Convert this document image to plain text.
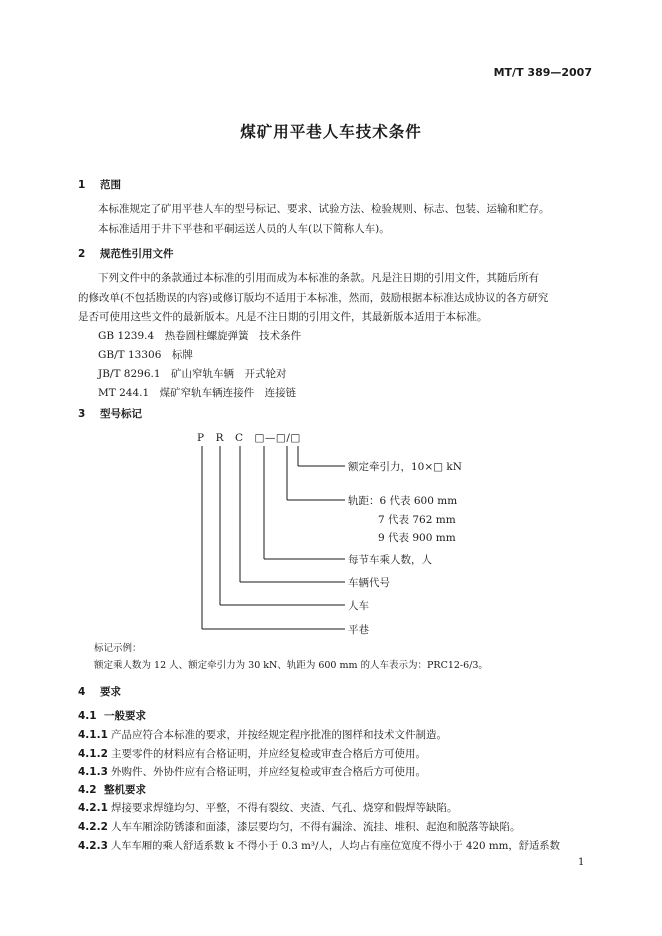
MT/T 389—2007
煤矿用平巷人车技术条件
1 范围
本标准规定了矿用平巷人车的型号标记、要求、试验方法、检验规则、标志、包装、运输和贮存。
本标准适用于井下平巷和平硐运送人员的人车(以下简称人车)。
2 规范性引用文件
下列文件中的条款通过本标准的引用而成为本标准的条款。凡是注日期的引用文件，其随后所有
的修改单(不包括勘误的内容)或修订版均不适用于本标准，然而，鼓励根据本标准达成协议的各方研究
是否可使用这些文件的最新版本。凡是不注日期的引用文件，其最新版本适用于本标准。
GB 1239.4　 热卷圆柱螺旋弹簧　技术条件
GB/T 13306　 标牌
JB/T 8296.1　 矿山窄轨车辆　开式轮对
MT 244.1　 煤矿窄轨车辆连接件　连接链
3 型号标记
P　R　C　□—□/□
额定牵引力，10×□ kN
轨距：6 代表 600 mm
7 代表 762 mm
9 代表 900 mm
每节车乘人数，人
车辆代号
人车
平巷
标记示例：
额定乘人数为 12 人、额定牵引力为 30 kN、轨距为 600 mm 的人车表示为：PRC12-6/3。
4 要求
4.1 一般要求
4.1.1 产品应符合本标准的要求，并按经规定程序批准的图样和技术文件制造。
4.1.2 主要零件的材料应有合格证明，并应经复检或审查合格后方可使用。
4.1.3 外购件、外协件应有合格证明，并应经复检或审查合格后方可使用。
4.2 整机要求
4.2.1 焊接要求焊缝均匀、平整，不得有裂纹、夹渣、气孔、烧穿和假焊等缺陷。
4.2.2 人车车厢涂防锈漆和面漆，漆层要均匀，不得有漏涂、流挂、堆积、起泡和脱落等缺陷。
4.2.3 人车车厢的乘人舒适系数 k 不得小于 0.3 m³/人，人均占有座位宽度不得小于 420 mm，舒适系数
1
